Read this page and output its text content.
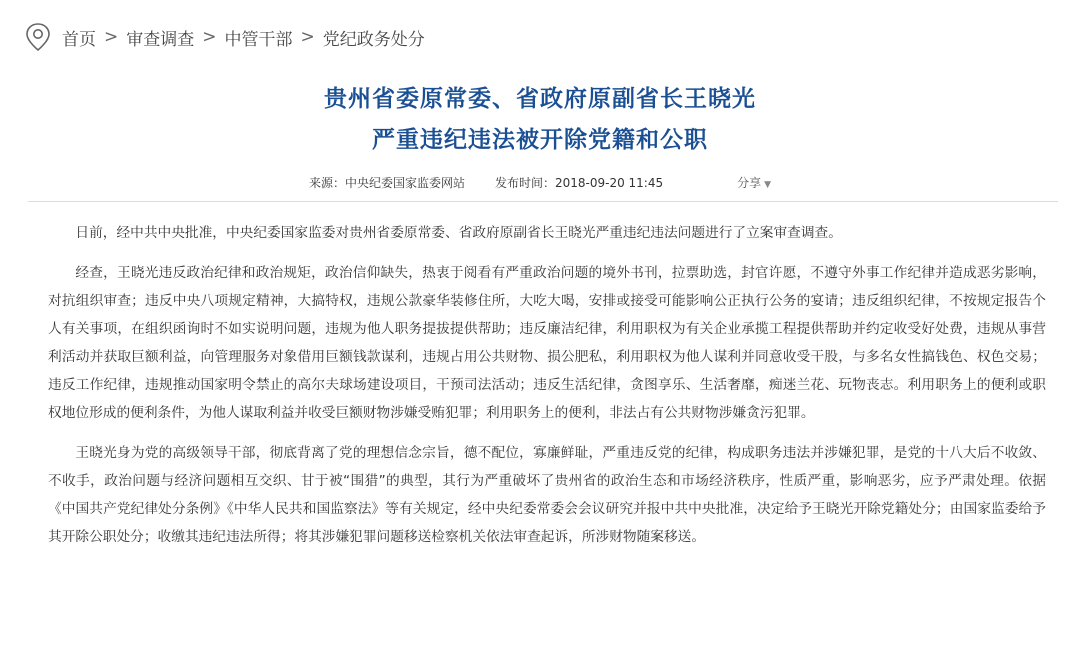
首页 > 审查调查 > 中管干部 > 党纪政务处分
贵州省委原常委、省政府原副省长王晓光
严重违纪违法被开除党籍和公职
来源：中央纪委国家监委网站	发布时间：2018-09-20 11:45	分享 ▼

日前，经中共中央批准，中央纪委国家监委对贵州省委原常委、省政府原副省长王晓光严重违纪违法问题进行了立案审查调查。

经查，王晓光违反政治纪律和政治规矩，政治信仰缺失，热衷于阅看有严重政治问题的境外书刊，拉票助选，封官许愿，不遵守外事工作纪律并造成恶劣影响，对抗组织审查；违反中央八项规定精神，大搞特权，违规公款豪华装修住所，大吃大喝，安排或接受可能影响公正执行公务的宴请；违反组织纪律，不按规定报告个人有关事项，在组织函询时不如实说明问题，违规为他人职务提拔提供帮助；违反廉洁纪律，利用职权为有关企业承揽工程提供帮助并约定收受好处费，违规从事营利活动并获取巨额利益，向管理服务对象借用巨额钱款谋利，违规占用公共财物、损公肥私，利用职权为他人谋利并同意收受干股，与多名女性搞钱色、权色交易；违反工作纪律，违规推动国家明令禁止的高尔夫球场建设项目，干预司法活动；违反生活纪律，贪图享乐、生活奢靡，痴迷兰花、玩物丧志。利用职务上的便利或职权地位形成的便利条件，为他人谋取利益并收受巨额财物涉嫌受贿犯罪；利用职务上的便利，非法占有公共财物涉嫌贪污犯罪。

王晓光身为党的高级领导干部，彻底背离了党的理想信念宗旨，德不配位，寡廉鲜耻，严重违反党的纪律，构成职务违法并涉嫌犯罪，是党的十八大后不收敛、不收手，政治问题与经济问题相互交织、甘于被“围猎”的典型，其行为严重破坏了贵州省的政治生态和市场经济秩序，性质严重，影响恶劣，应予严肃处理。依据《中国共产党纪律处分条例》《中华人民共和国监察法》等有关规定，经中央纪委常委会会议研究并报中共中央批准，决定给予王晓光开除党籍处分；由国家监委给予其开除公职处分；收缴其违纪违法所得；将其涉嫌犯罪问题移送检察机关依法审查起诉，所涉财物随案移送。
